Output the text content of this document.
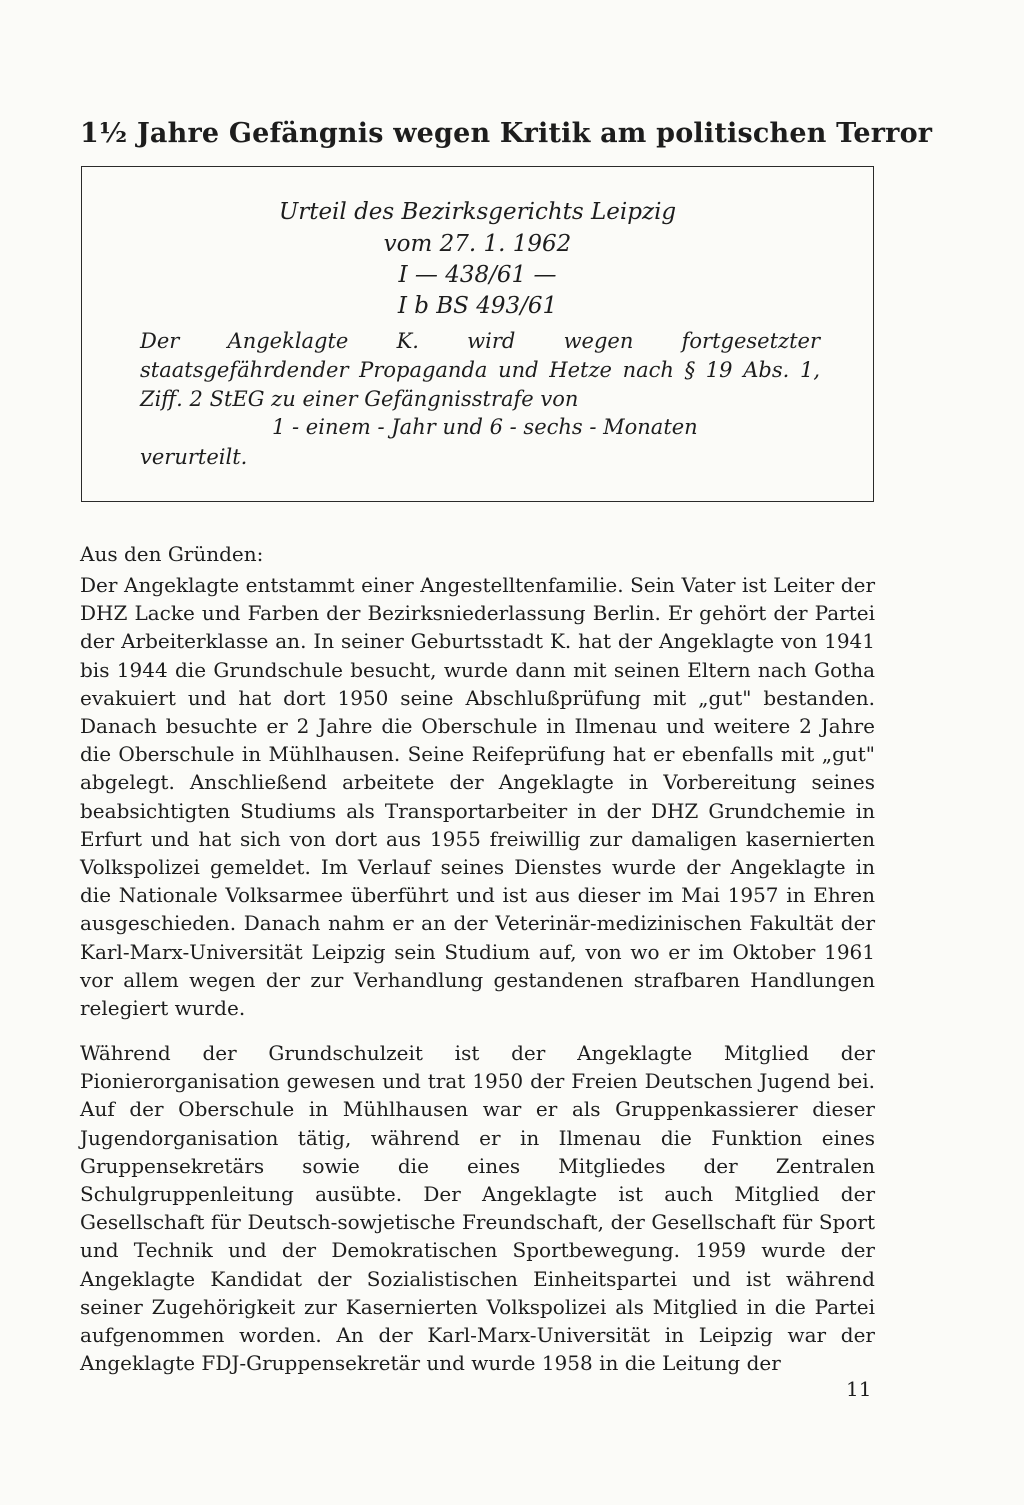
1½ Jahre Gefängnis wegen Kritik am politischen Terror
Urteil des Bezirksgerichts Leipzig
vom 27. 1. 1962
I — 438/61 —
I b BS 493/61
Der Angeklagte K. wird wegen fortgesetzter staatsgefährdender Propaganda und Hetze nach § 19 Abs. 1, Ziff. 2 StEG zu einer Gefängnisstrafe von
1 - einem - Jahr und 6 - sechs - Monaten
verurteilt.
Aus den Gründen:

Der Angeklagte entstammt einer Angestelltenfamilie. Sein Vater ist Leiter der DHZ Lacke und Farben der Bezirksniederlassung Berlin. Er gehört der Partei der Arbeiterklasse an. In seiner Geburtsstadt K. hat der Angeklagte von 1941 bis 1944 die Grundschule besucht, wurde dann mit seinen Eltern nach Gotha evakuiert und hat dort 1950 seine Abschlußprüfung mit „gut" bestanden. Danach besuchte er 2 Jahre die Oberschule in Ilmenau und weitere 2 Jahre die Oberschule in Mühlhausen. Seine Reifeprüfung hat er ebenfalls mit „gut" abgelegt. Anschließend arbeitete der Angeklagte in Vorbereitung seines beabsichtigten Studiums als Transportarbeiter in der DHZ Grundchemie in Erfurt und hat sich von dort aus 1955 freiwillig zur damaligen kasernierten Volkspolizei gemeldet. Im Verlauf seines Dienstes wurde der Angeklagte in die Nationale Volksarmee überführt und ist aus dieser im Mai 1957 in Ehren ausgeschieden. Danach nahm er an der Veterinär-medizinischen Fakultät der Karl-Marx-Universität Leipzig sein Studium auf, von wo er im Oktober 1961 vor allem wegen der zur Verhandlung gestandenen strafbaren Handlungen relegiert wurde.

Während der Grundschulzeit ist der Angeklagte Mitglied der Pionierorganisation gewesen und trat 1950 der Freien Deutschen Jugend bei. Auf der Oberschule in Mühlhausen war er als Gruppenkassierer dieser Jugendorganisation tätig, während er in Ilmenau die Funktion eines Gruppensekretärs sowie die eines Mitgliedes der Zentralen Schulgruppenleitung ausübte. Der Angeklagte ist auch Mitglied der Gesellschaft für Deutsch-sowjetische Freundschaft, der Gesellschaft für Sport und Technik und der Demokratischen Sportbewegung. 1959 wurde der Angeklagte Kandidat der Sozialistischen Einheitspartei und ist während seiner Zugehörigkeit zur Kasernierten Volkspolizei als Mitglied in die Partei aufgenommen worden. An der Karl-Marx-Universität in Leipzig war der Angeklagte FDJ-Gruppensekretär und wurde 1958 in die Leitung der

11
